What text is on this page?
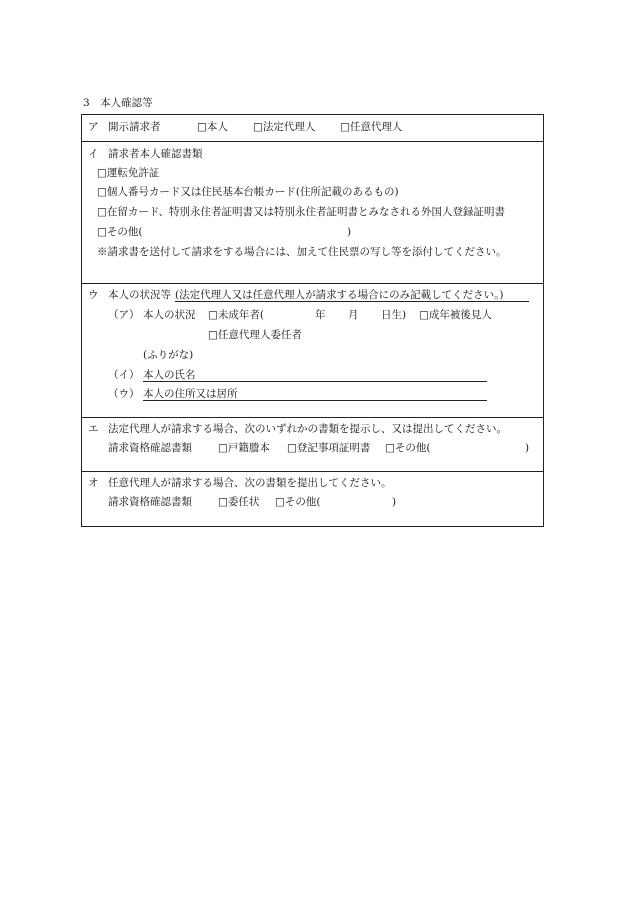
3　本人確認等
ア 開示請求者	□本人 □法定代理人 □任意代理人
イ 請求者本人確認書類
□運転免許証
□個人番号カード又は住民基本台帳カード(住所記載のあるもの)
□在留カード、特別永住者証明書又は特別永住者証明書とみなされる外国人登録証明書
□その他(	)
※請求書を送付して請求をする場合には、加えて住民票の写し等を添付してください。
ウ 本人の状況等 (法定代理人又は任意代理人が請求する場合にのみ記載してください。)
（ア） 本人の状況 □未成年者(	年 月 日生) □成年被後見人
□任意代理人委任者
(ふりがな)
（イ） 本人の氏名
（ウ） 本人の住所又は居所
エ 法定代理人が請求する場合、次のいずれかの書類を提示し、又は提出してください。
請求資格確認書類 □戸籍謄本 □登記事項証明書 □その他(	)
オ 任意代理人が請求する場合、次の書類を提出してください。
請求資格確認書類 □委任状 □その他(	)
